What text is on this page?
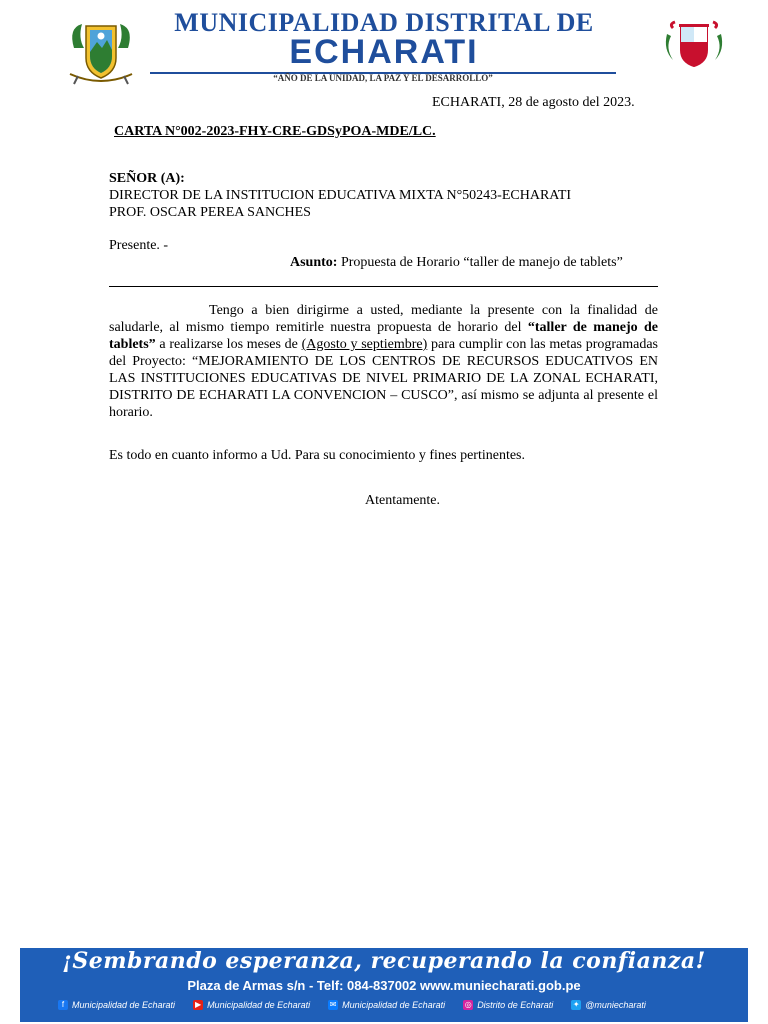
MUNICIPALIDAD DISTRITAL DE
ECHARATI
“AÑO DE LA UNIDAD, LA PAZ Y EL DESARROLLO”
ECHARATI, 28 de agosto del 2023.
CARTA N°002-2023-FHY-CRE-GDSyPOA-MDE/LC.
SEÑOR (A):
DIRECTOR DE LA INSTITUCION EDUCATIVA MIXTA N°50243-ECHARATI
PROF. OSCAR PEREA SANCHES
Presente. -
Asunto: Propuesta de Horario “taller de manejo de tablets”
Tengo a bien dirigirme a usted, mediante la presente con la finalidad de saludarle, al mismo tiempo remitirle nuestra propuesta de horario del “taller de manejo de tablets” a realizarse los meses de (Agosto y septiembre) para cumplir con las metas programadas del Proyecto: “MEJORAMIENTO DE LOS CENTROS DE RECURSOS EDUCATIVOS EN LAS INSTITUCIONES EDUCATIVAS DE NIVEL PRIMARIO DE LA ZONAL ECHARATI, DISTRITO DE ECHARATI LA CONVENCION – CUSCO”, así mismo se adjunta al presente el horario.
Es todo en cuanto informo a Ud. Para su conocimiento y fines pertinentes.
Atentamente.
¡Sembrando esperanza, recuperando la confianza!
Plaza de Armas s/n - Telf: 084-837002 www.muniecharati.gob.pe
f Municipalidad de Echarati ▶ Municipalidad de Echarati ✉ Municipalidad de Echarati ◎ Distrito de Echarati ✦ @muniecharati
